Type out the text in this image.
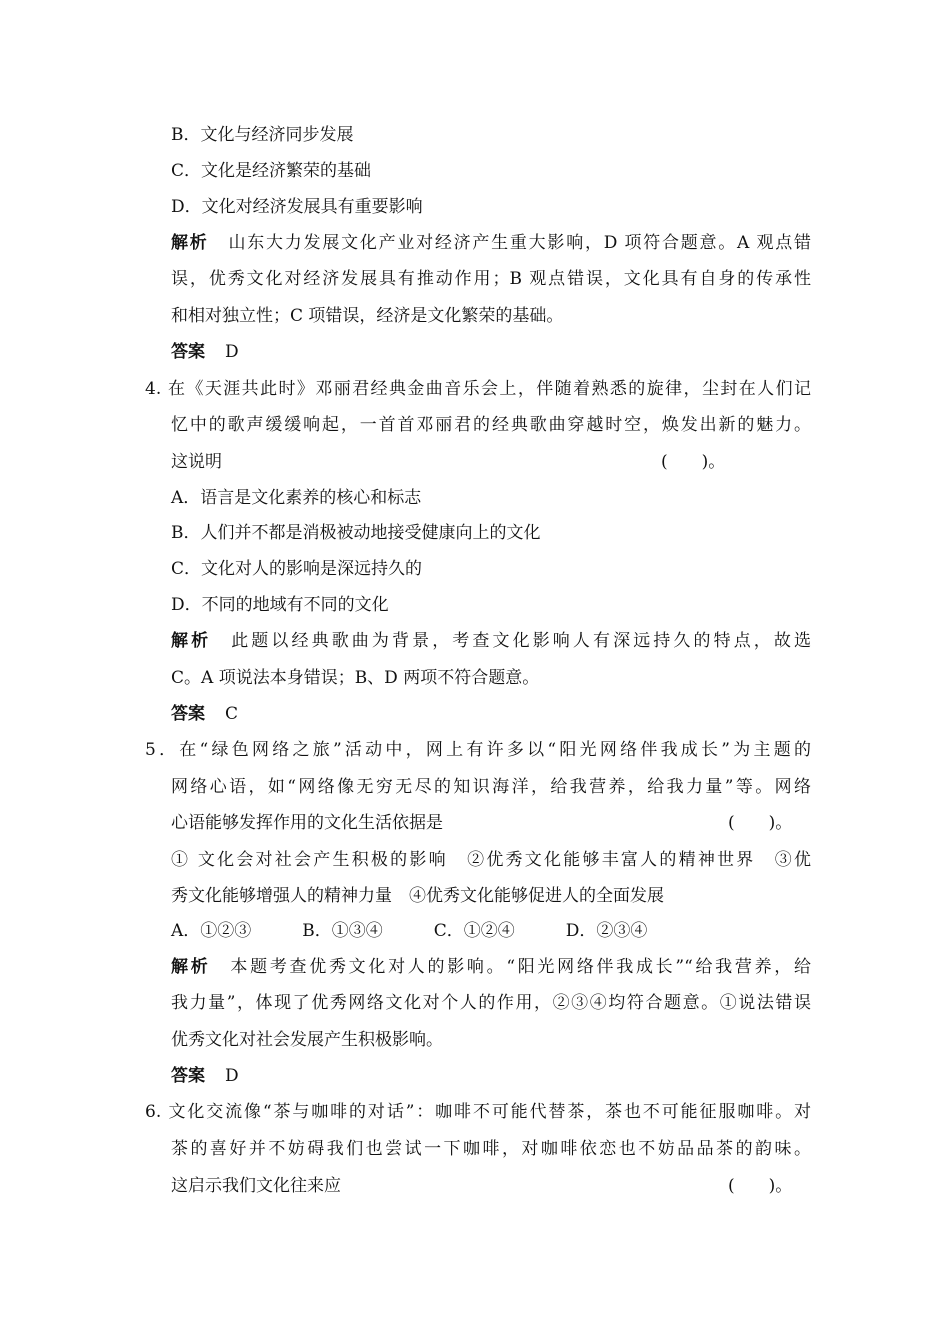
B．文化与经济同步发展
C．文化是经济繁荣的基础
D．文化对经济发展具有重要影响
解析 山东大力发展文化产业对经济产生重大影响，D 项符合题意。A 观点错
误，优秀文化对经济发展具有推动作用；B 观点错误，文化具有自身的传承性
和相对独立性；C 项错误，经济是文化繁荣的基础。
答案 D
4. 在《天涯共此时》邓丽君经典金曲音乐会上，伴随着熟悉的旋律，尘封在人们记
忆中的歌声缓缓响起，一首首邓丽君的经典歌曲穿越时空，焕发出新的魅力。
这说明	(　　)。
A．语言是文化素养的核心和标志
B．人们并不都是消极被动地接受健康向上的文化
C．文化对人的影响是深远持久的
D．不同的地域有不同的文化
解析 此题以经典歌曲为背景，考查文化影响人有深远持久的特点，故选
C。A 项说法本身错误；B、D 两项不符合题意。
答案 C
5．在“绿色网络之旅”活动中，网上有许多以“阳光网络伴我成长”为主题的
网络心语，如“网络像无穷无尽的知识海洋，给我营养，给我力量”等。网络
心语能够发挥作用的文化生活依据是	(　　)。
① 文化会对社会产生积极的影响　②优秀文化能够丰富人的精神世界　③优
秀文化能够增强人的精神力量　④优秀文化能够促进人的全面发展
A．①②③　　　B．①③④　　　C．①②④　　　D．②③④
解析 本题考查优秀文化对人的影响。“阳光网络伴我成长”“给我营养，给
我力量”，体现了优秀网络文化对个人的作用，②③④均符合题意。①说法错误
优秀文化对社会发展产生积极影响。
答案 D
6. 文化交流像“茶与咖啡的对话”：咖啡不可能代替茶，茶也不可能征服咖啡。对
茶的喜好并不妨碍我们也尝试一下咖啡，对咖啡依恋也不妨品品茶的韵味。
这启示我们文化往来应	(　　)。
